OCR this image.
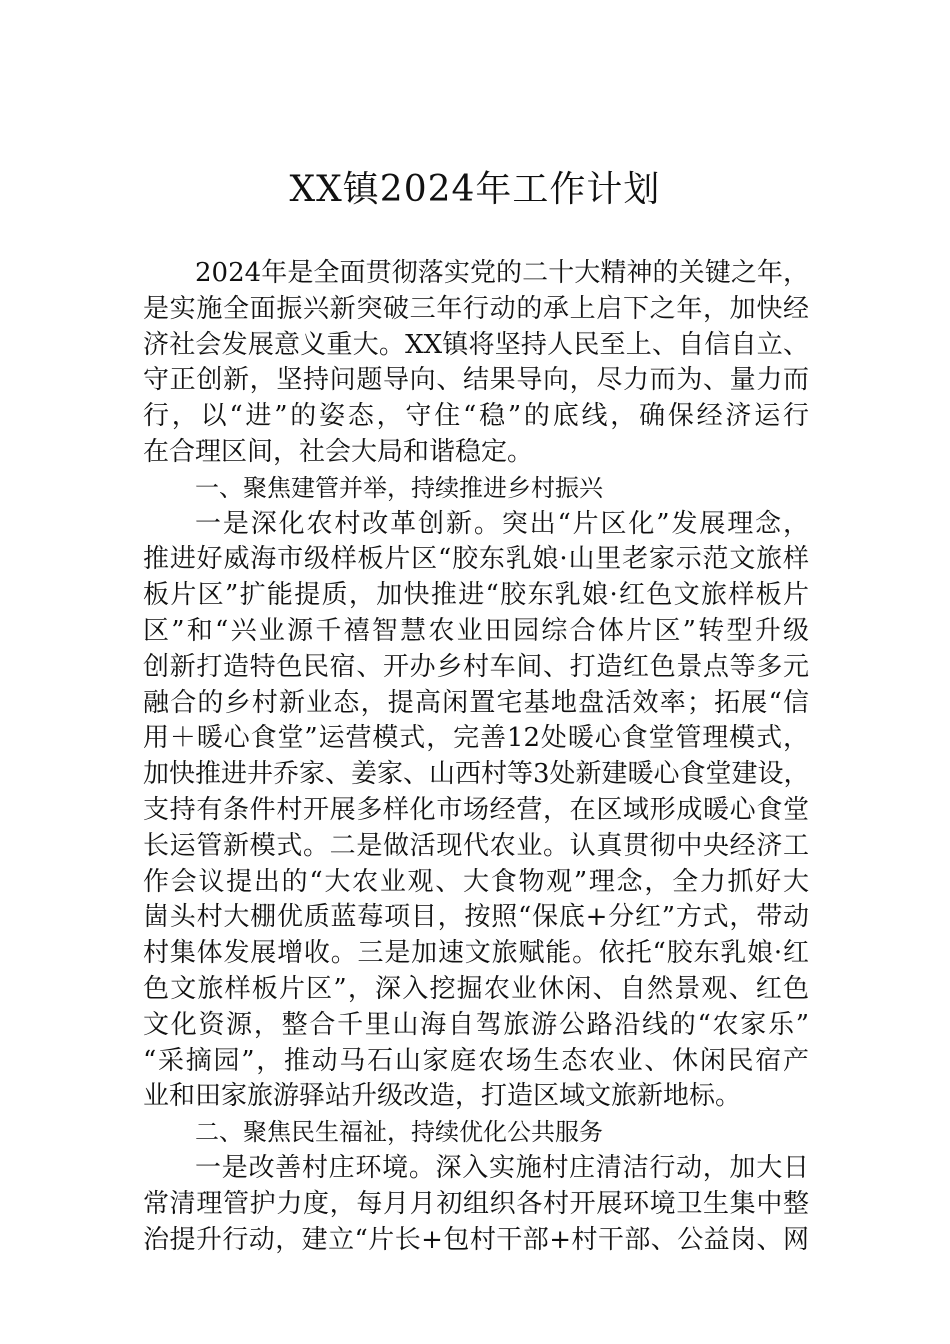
XX镇2024年工作计划
2024年是全面贯彻落实党的二十大精神的关键之年，
是实施全面振兴新突破三年行动的承上启下之年，加快经
济社会发展意义重大。XX镇将坚持人民至上、自信自立、
守正创新，坚持问题导向、结果导向，尽力而为、量力而
行，以“进”的姿态，守住“稳”的底线，确保经济运行
在合理区间，社会大局和谐稳定。
一、聚焦建管并举，持续推进乡村振兴
一是深化农村改革创新。突出“片区化”发展理念，
推进好威海市级样板片区“胶东乳娘·山里老家示范文旅样
板片区”扩能提质，加快推进“胶东乳娘·红色文旅样板片
区”和“兴业源千禧智慧农业田园综合体片区”转型升级
创新打造特色民宿、开办乡村车间、打造红色景点等多元
融合的乡村新业态，提高闲置宅基地盘活效率；拓展“信
用＋暖心食堂”运营模式，完善12处暖心食堂管理模式，
加快推进井乔家、姜家、山西村等3处新建暖心食堂建设，
支持有条件村开展多样化市场经营，在区域形成暖心食堂
长运管新模式。二是做活现代农业。认真贯彻中央经济工
作会议提出的“大农业观、大食物观”理念，全力抓好大
崮头村大棚优质蓝莓项目，按照“保底+分红”方式，带动
村集体发展增收。三是加速文旅赋能。依托“胶东乳娘·红
色文旅样板片区”，深入挖掘农业休闲、自然景观、红色
文化资源，整合千里山海自驾旅游公路沿线的“农家乐”
“采摘园”，推动马石山家庭农场生态农业、休闲民宿产
业和田家旅游驿站升级改造，打造区域文旅新地标。
二、聚焦民生福祉，持续优化公共服务
一是改善村庄环境。深入实施村庄清洁行动，加大日
常清理管护力度，每月月初组织各村开展环境卫生集中整
治提升行动，建立“片长+包村干部+村干部、公益岗、网
